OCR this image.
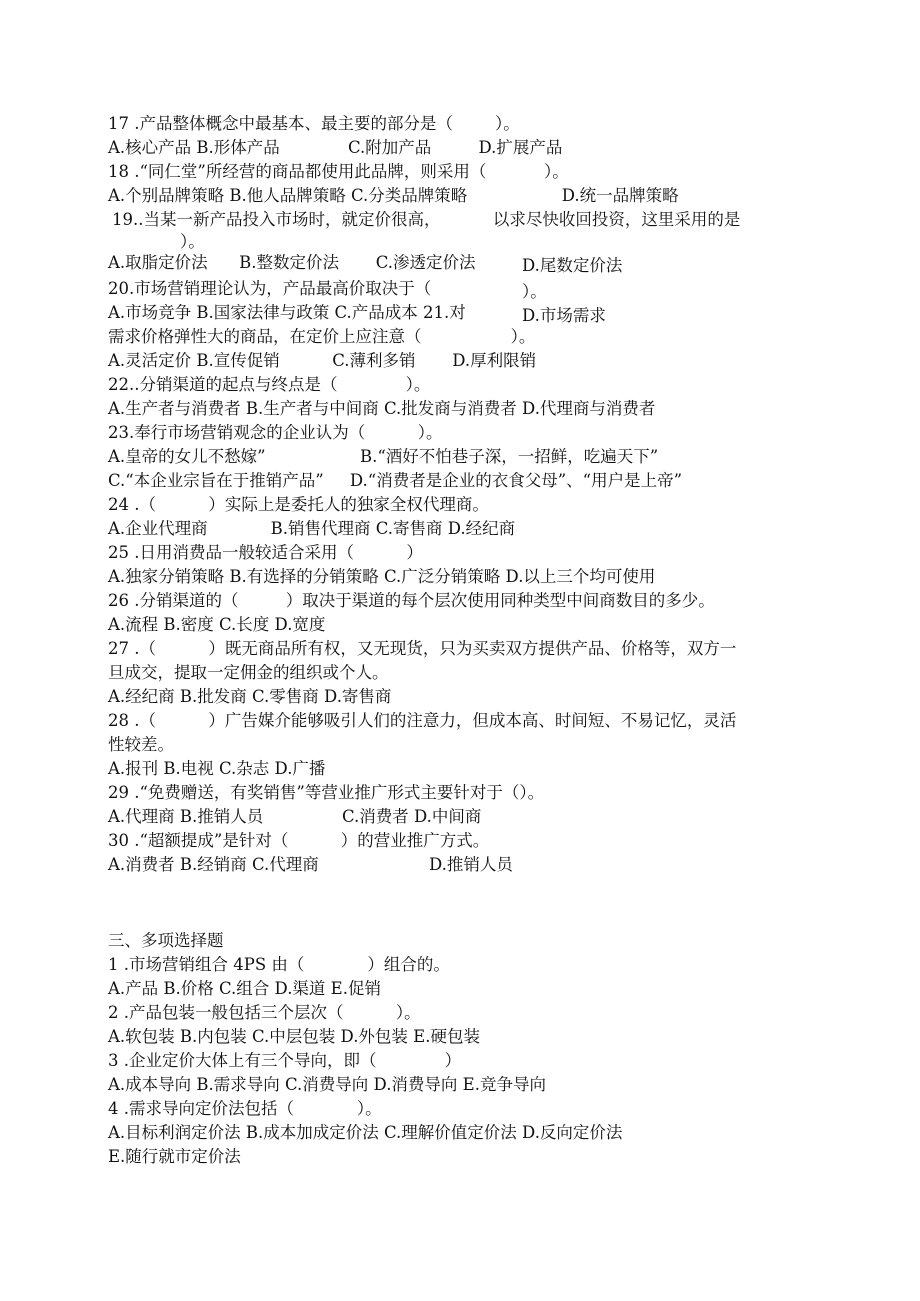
17 .产品整体概念中最基本、最主要的部分是（        ）。
A.核心产品 B.形体产品             C.附加产品         D.扩展产品
18 .“同仁堂”所经营的商品都使用此品牌，则采用（           ）。
A.个别品牌策略 B.他人品牌策略 C.分类品牌策略                  D.统一品牌策略
19..当某一新产品投入市场时，就定价很高，          以求尽快收回投资，这里采用的是
）。
A.取脂定价法      B.整数定价法       C.渗透定价法	D.尾数定价法
20.市场营销理论认为，产品最高价取决于（	）。
A.市场竞争 B.国家法律与政策 C.产品成本 21.对	D.市场需求
需求价格弹性大的商品，在定价上应注意（                 ）。
A.灵活定价 B.宣传促销          C.薄利多销       D.厚利限销
22..分销渠道的起点与终点是（             ）。
A.生产者与消费者 B.生产者与中间商 C.批发商与消费者 D.代理商与消费者
23.奉行市场营销观念的企业认为（          ）。
A.皇帝的女儿不愁嫁”                  B.“酒好不怕巷子深，一招鲜，吃遍天下”
C.“本企业宗旨在于推销产品”     D.“消费者是企业的衣食父母”、“用户是上帝”
24 .（          ）实际上是委托人的独家全权代理商。
A.企业代理商            B.销售代理商 C.寄售商 D.经纪商
25 .日用消费品一般较适合采用（          ）
A.独家分销策略 B.有选择的分销策略 C.广泛分销策略 D.以上三个均可使用
26 .分销渠道的（         ）取决于渠道的每个层次使用同种类型中间商数目的多少。
A.流程 B.密度 C.长度 D.宽度
27 .（          ）既无商品所有权，又无现货，只为买卖双方提供产品、价格等，双方一
旦成交，提取一定佣金的组织或个人。
A.经纪商 B.批发商 C.零售商 D.寄售商
28 .（          ）广告媒介能够吸引人们的注意力，但成本高、时间短、不易记忆，灵活
性较差。
A.报刊 B.电视 C.杂志 D.广播
29 .“免费赠送，有奖销售”等营业推广形式主要针对于（）。
A.代理商 B.推销人员               C.消费者 D.中间商
30 .“超额提成”是针对（          ）的营业推广方式。
A.消费者 B.经销商 C.代理商                     D.推销人员
三、多项选择题
1 .市场营销组合 4PS 由（            ）组合的。
A.产品 B.价格 C.组合 D.渠道 E.促销
2 .产品包装一般包括三个层次（          ）。
A.软包装 B.内包装 C.中层包装 D.外包装 E.硬包装
3 .企业定价大体上有三个导向，即（             ）
A.成本导向 B.需求导向 C.消费导向 D.消费导向 E.竞争导向
4 .需求导向定价法包括（            ）。
A.目标利润定价法 B.成本加成定价法 C.理解价值定价法 D.反向定价法
E.随行就市定价法
